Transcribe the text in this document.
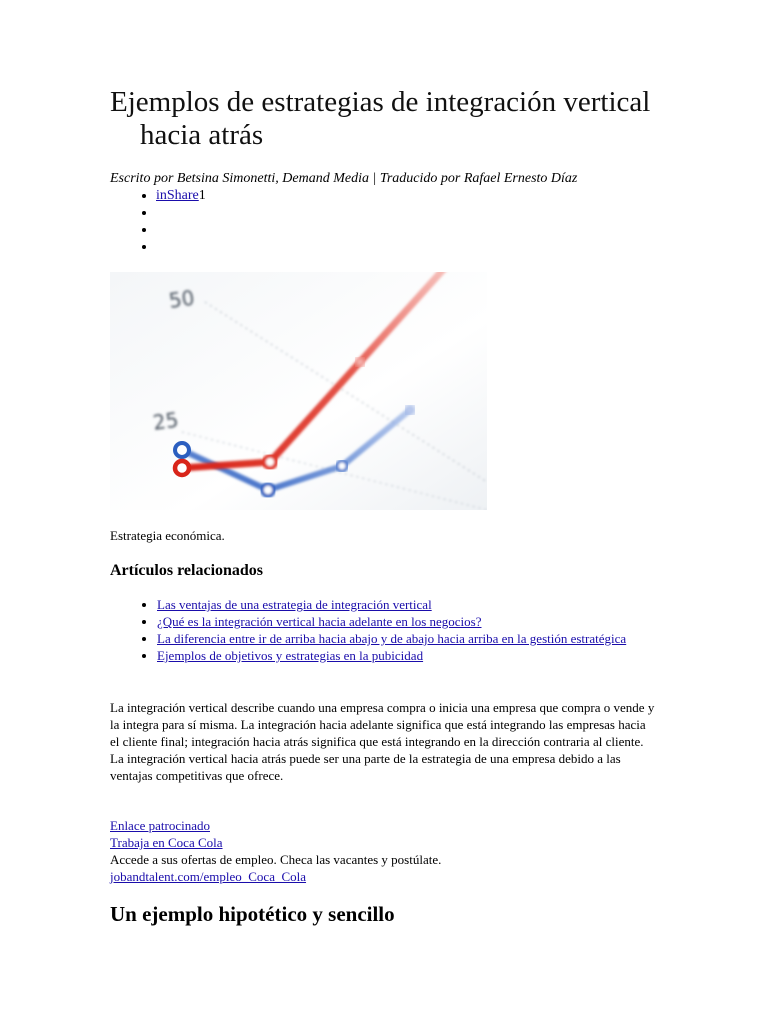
Ejemplos de estrategias de integración vertical hacia atrás
Escrito por Betsina Simonetti, Demand Media | Traducido por Rafael Ernesto Díaz
• inShare1
•
•
•
50
25
Estrategia económica.
Artículos relacionados
• Las ventajas de una estrategia de integración vertical
• ¿Qué es la integración vertical hacia adelante en los negocios?
• La diferencia entre ir de arriba hacia abajo y de abajo hacia arriba en la gestión estratégica
• Ejemplos de objetivos y estrategias en la pubicidad

La integración vertical describe cuando una empresa compra o inicia una empresa que compra o vende y la integra para sí misma. La integración hacia adelante significa que está integrando las empresas hacia el cliente final; integración hacia atrás significa que está integrando en la dirección contraria al cliente. La integración vertical hacia atrás puede ser una parte de la estrategia de una empresa debido a las ventajas competitivas que ofrece.

Enlace patrocinado
Trabaja en Coca Cola
Accede a sus ofertas de empleo. Checa las vacantes y postúlate.
jobandtalent.com/empleo_Coca_Cola
Un ejemplo hipotético y sencillo
